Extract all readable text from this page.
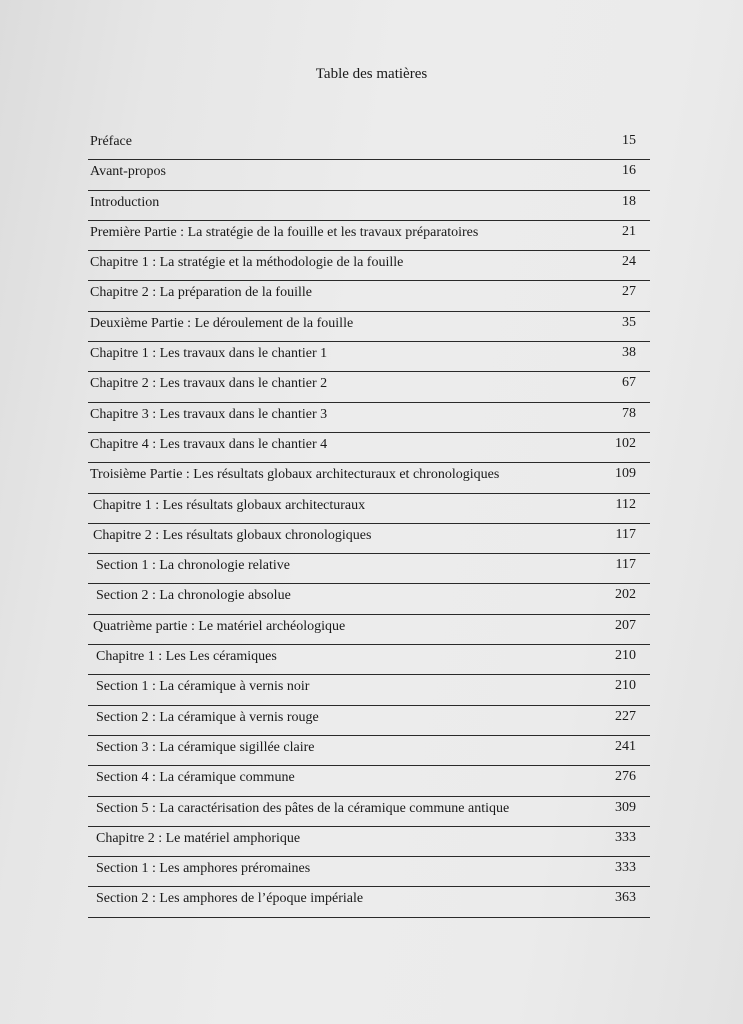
Table des matières
Préface	15
Avant-propos	16
Introduction	18
Première Partie : La stratégie de la fouille et les travaux préparatoires	21
Chapitre 1 : La stratégie et la méthodologie de la fouille	24
Chapitre 2 : La préparation de la fouille	27
Deuxième Partie : Le déroulement de la fouille	35
Chapitre 1 : Les travaux dans le chantier 1	38
Chapitre 2 : Les travaux dans le chantier 2	67
Chapitre 3 : Les travaux dans le chantier 3	78
Chapitre 4 : Les travaux dans le chantier 4	102
Troisième Partie : Les résultats globaux architecturaux et chronologiques	109
Chapitre 1 : Les résultats globaux architecturaux	112
Chapitre 2 : Les résultats globaux chronologiques	117
Section 1 : La chronologie relative	117
Section 2 : La chronologie absolue	202
Quatrième partie : Le matériel archéologique	207
Chapitre 1 : Les Les céramiques	210
Section 1 : La céramique à vernis noir	210
Section 2 : La céramique à vernis rouge	227
Section 3 : La céramique sigillée claire	241
Section 4 : La céramique commune	276
Section 5 : La caractérisation des pâtes de la céramique commune antique	309
Chapitre 2 : Le matériel amphorique	333
Section 1 : Les amphores préromaines	333
Section 2 : Les amphores de l’époque impériale	363
